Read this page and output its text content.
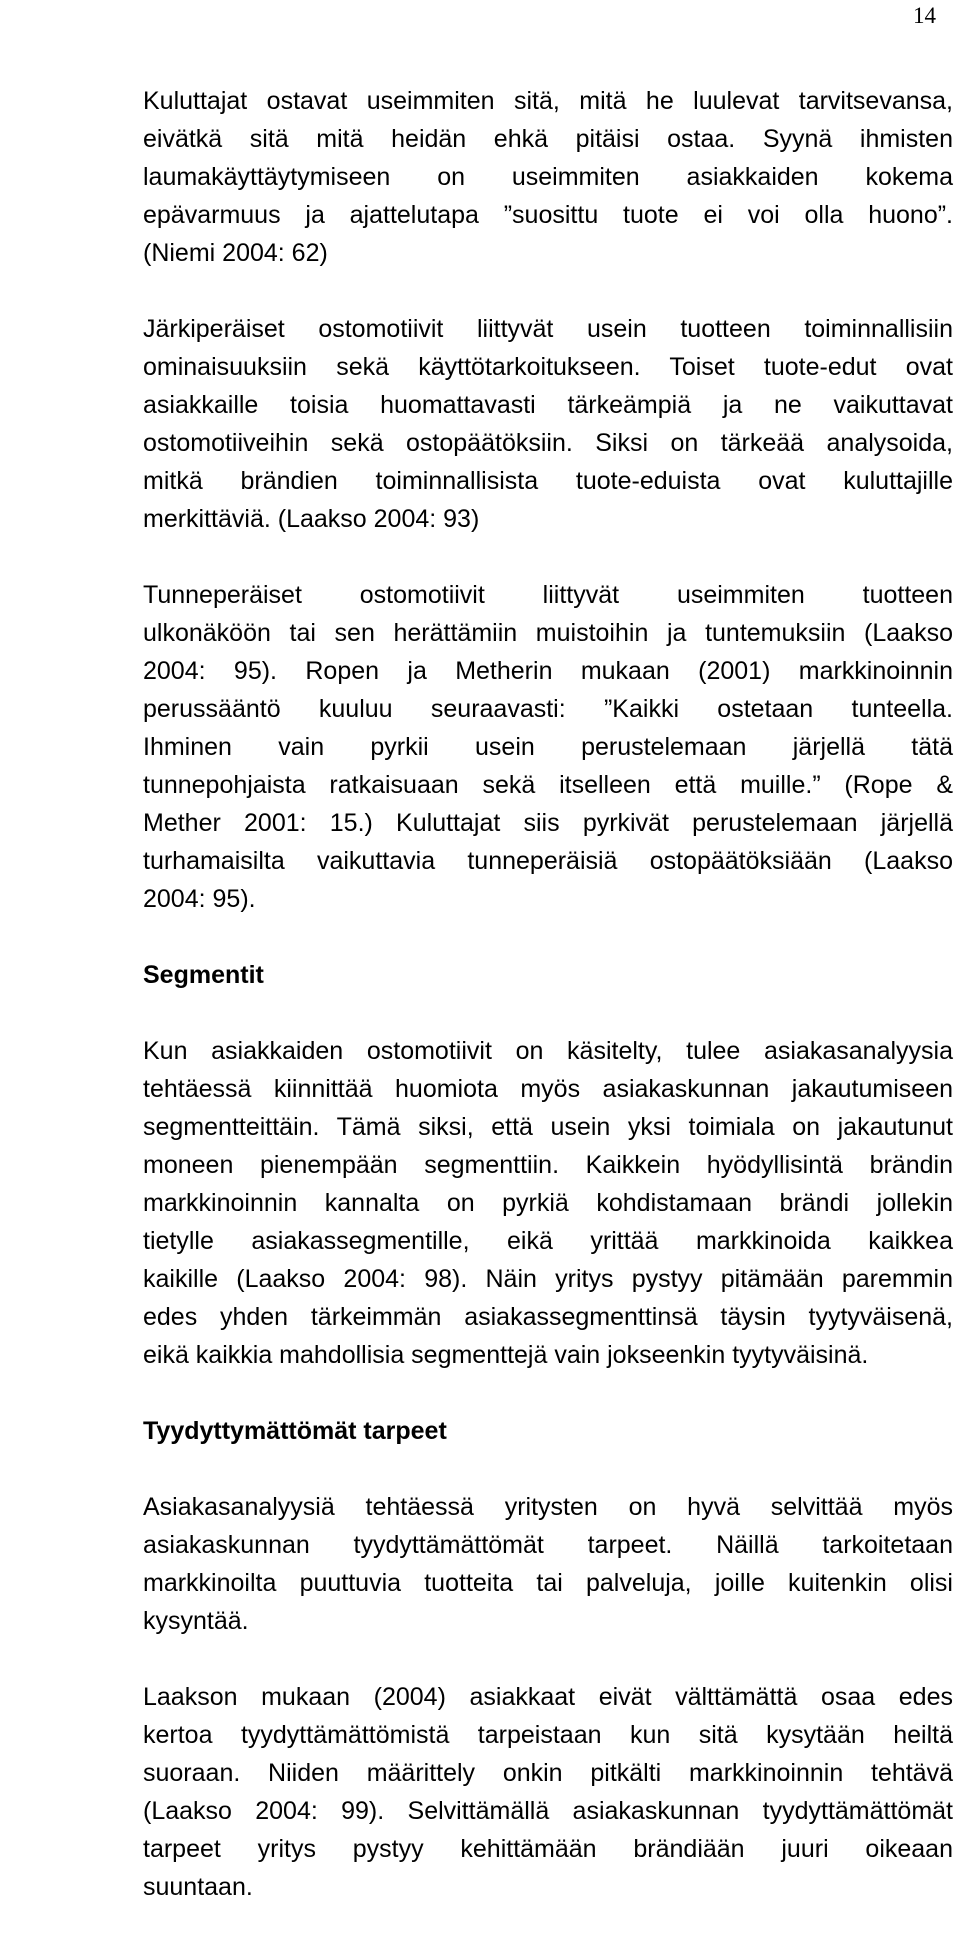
14
Kuluttajat ostavat useimmiten sitä, mitä he luulevat tarvitsevansa,
eivätkä sitä mitä heidän ehkä pitäisi ostaa. Syynä ihmisten
laumakäyttäytymiseen on useimmiten asiakkaiden kokema
epävarmuus ja ajattelutapa ”suosittu tuote ei voi olla huono”.
(Niemi 2004: 62)
Järkiperäiset ostomotiivit liittyvät usein tuotteen toiminnallisiin
ominaisuuksiin sekä käyttötarkoitukseen. Toiset tuote-edut ovat
asiakkaille toisia huomattavasti tärkeämpiä ja ne vaikuttavat
ostomotiiveihin sekä ostopäätöksiin. Siksi on tärkeää analysoida,
mitkä brändien toiminnallisista tuote-eduista ovat kuluttajille
merkittäviä. (Laakso 2004: 93)
Tunneperäiset ostomotiivit liittyvät useimmiten tuotteen
ulkonäköön tai sen herättämiin muistoihin ja tuntemuksiin (Laakso
2004: 95). Ropen ja Metherin mukaan (2001) markkinoinnin
perussääntö kuuluu seuraavasti: ”Kaikki ostetaan tunteella.
Ihminen vain pyrkii usein perustelemaan järjellä tätä
tunnepohjaista ratkaisuaan sekä itselleen että muille.” (Rope &
Mether 2001: 15.) Kuluttajat siis pyrkivät perustelemaan järjellä
turhamaisilta vaikuttavia tunneperäisiä ostopäätöksiään (Laakso
2004: 95).
Segmentit
Kun asiakkaiden ostomotiivit on käsitelty, tulee asiakasanalyysia
tehtäessä kiinnittää huomiota myös asiakaskunnan jakautumiseen
segmentteittäin. Tämä siksi, että usein yksi toimiala on jakautunut
moneen pienempään segmenttiin. Kaikkein hyödyllisintä brändin
markkinoinnin kannalta on pyrkiä kohdistamaan brändi jollekin
tietylle asiakassegmentille, eikä yrittää markkinoida kaikkea
kaikille (Laakso 2004: 98). Näin yritys pystyy pitämään paremmin
edes yhden tärkeimmän asiakassegmenttinsä täysin tyytyväisenä,
eikä kaikkia mahdollisia segmenttejä vain jokseenkin tyytyväisinä.
Tyydyttymättömät tarpeet
Asiakasanalyysiä tehtäessä yritysten on hyvä selvittää myös
asiakaskunnan tyydyttämättömät tarpeet. Näillä tarkoitetaan
markkinoilta puuttuvia tuotteita tai palveluja, joille kuitenkin olisi
kysyntää.
Laakson mukaan (2004) asiakkaat eivät välttämättä osaa edes
kertoa tyydyttämättömistä tarpeistaan kun sitä kysytään heiltä
suoraan. Niiden määrittely onkin pitkälti markkinoinnin tehtävä
(Laakso 2004: 99). Selvittämällä asiakaskunnan tyydyttämättömät
tarpeet yritys pystyy kehittämään brändiään juuri oikeaan
suuntaan.
